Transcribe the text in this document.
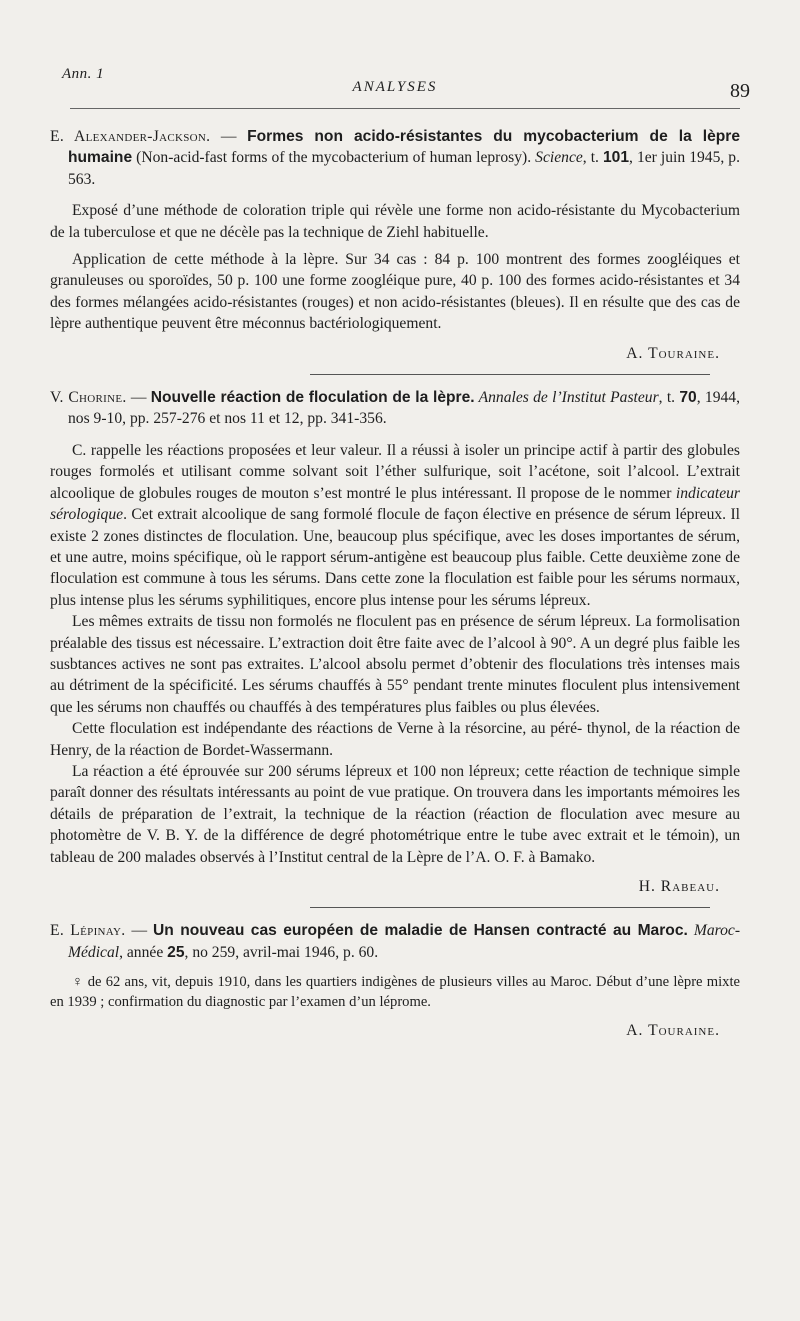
Ann. 1
ANALYSES	89

E. Alexander-Jackson. — Formes non acido-résistantes du mycobacterium de la lèpre humaine (Non-acid-fast forms of the mycobacterium of human leprosy). Science, t. 101, 1er juin 1945, p. 563.

Exposé d’une méthode de coloration triple qui révèle une forme non acido-résistante du Mycobacterium de la tuberculose et que ne décèle pas la technique de Ziehl habituelle.

Application de cette méthode à la lèpre. Sur 34 cas : 84 p. 100 montrent des formes zoogléiques et granuleuses ou sporoïdes, 50 p. 100 une forme zoogléique pure, 40 p. 100 des formes acido-résistantes et 34 des formes mélangées acido-résistantes (rouges) et non acido-résistantes (bleues). Il en résulte que des cas de lèpre authentique peuvent être méconnus bactériologiquement.

A. Touraine.

V. Chorine. — Nouvelle réaction de floculation de la lèpre. Annales de l’Institut Pasteur, t. 70, 1944, nos 9-10, pp. 257-276 et nos 11 et 12, pp. 341-356.

C. rappelle les réactions proposées et leur valeur. Il a réussi à isoler un principe actif à partir des globules rouges formolés et utilisant comme solvant soit l’éther sulfurique, soit l’acétone, soit l’alcool. L’extrait alcoolique de globules rouges de mouton s’est montré le plus intéressant. Il propose de le nommer indicateur sérologique. Cet extrait alcoolique de sang formolé flocule de façon élective en présence de sérum lépreux. Il existe 2 zones distinctes de floculation. Une, beaucoup plus spécifique, avec les doses importantes de sérum, et une autre, moins spécifique, où le rapport sérum-antigène est beaucoup plus faible. Cette deuxième zone de floculation est commune à tous les sérums. Dans cette zone la floculation est faible pour les sérums normaux, plus intense plus les sérums syphilitiques, encore plus intense pour les sérums lépreux.

Les mêmes extraits de tissu non formolés ne floculent pas en présence de sérum lépreux. La formolisation préalable des tissus est nécessaire. L’extraction doit être faite avec de l’alcool à 90°. A un degré plus faible les susbtances actives ne sont pas extraites. L’alcool absolu permet d’obtenir des floculations très intenses mais au détriment de la spécificité. Les sérums chauffés à 55° pendant trente minutes floculent plus intensivement que les sérums non chauffés ou chauffés à des températures plus faibles ou plus élevées.

Cette floculation est indépendante des réactions de Verne à la résorcine, au péré- thynol, de la réaction de Henry, de la réaction de Bordet-Wassermann.

La réaction a été éprouvée sur 200 sérums lépreux et 100 non lépreux; cette réaction de technique simple paraît donner des résultats intéressants au point de vue pratique. On trouvera dans les importants mémoires les détails de préparation de l’extrait, la technique de la réaction (réaction de floculation avec mesure au photomètre de V. B. Y. de la différence de degré photométrique entre le tube avec extrait et le témoin), un tableau de 200 malades observés à l’Institut central de la Lèpre de l’A. O. F. à Bamako.

H. Rabeau.

E. Lépinay. — Un nouveau cas européen de maladie de Hansen contracté au Maroc. Maroc-Médical, année 25, no 259, avril-mai 1946, p. 60.

♀ de 62 ans, vit, depuis 1910, dans les quartiers indigènes de plusieurs villes au Maroc. Début d’une lèpre mixte en 1939 ; confirmation du diagnostic par l’examen d’un léprome.

A. Touraine.
